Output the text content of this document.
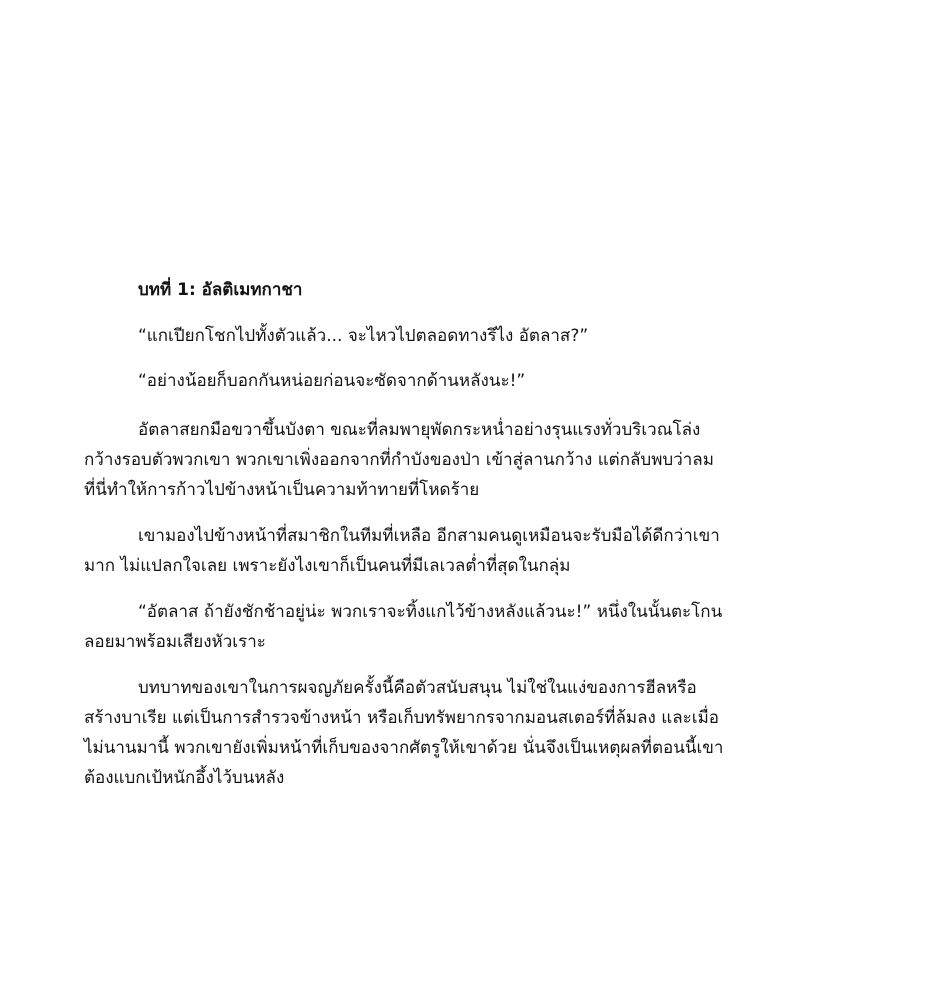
บทที่ 1: อัลติเมทกาชา

“แกเปียกโชกไปทั้งตัวแล้ว... จะไหวไปตลอดทางรึไง อัตลาส?”

“อย่างน้อยก็บอกกันหน่อยก่อนจะซัดจากด้านหลังนะ!”

อัตลาสยกมือขวาขึ้นบังตา ขณะที่ลมพายุพัดกระหน่ำอย่างรุนแรงทั่วบริเวณโล่ง
กว้างรอบตัวพวกเขา พวกเขาเพิ่งออกจากที่กำบังของป่า เข้าสู่ลานกว้าง แต่กลับพบว่าลม
ที่นี่ทำให้การก้าวไปข้างหน้าเป็นความท้าทายที่โหดร้าย

เขามองไปข้างหน้าที่สมาชิกในทีมที่เหลือ อีกสามคนดูเหมือนจะรับมือได้ดีกว่าเขา
มาก ไม่แปลกใจเลย เพราะยังไงเขาก็เป็นคนที่มีเลเวลต่ำที่สุดในกลุ่ม

“อัตลาส ถ้ายังชักช้าอยู่น่ะ พวกเราจะทิ้งแกไว้ข้างหลังแล้วนะ!” หนึ่งในนั้นตะโกน
ลอยมาพร้อมเสียงหัวเราะ

บทบาทของเขาในการผจญภัยครั้งนี้คือตัวสนับสนุน ไม่ใช่ในแง่ของการฮีลหรือ
สร้างบาเรีย แต่เป็นการสำรวจข้างหน้า หรือเก็บทรัพยากรจากมอนสเตอร์ที่ล้มลง และเมื่อ
ไม่นานมานี้ พวกเขายังเพิ่มหน้าที่เก็บของจากศัตรูให้เขาด้วย นั่นจึงเป็นเหตุผลที่ตอนนี้เขา
ต้องแบกเป้หนักอึ้งไว้บนหลัง
